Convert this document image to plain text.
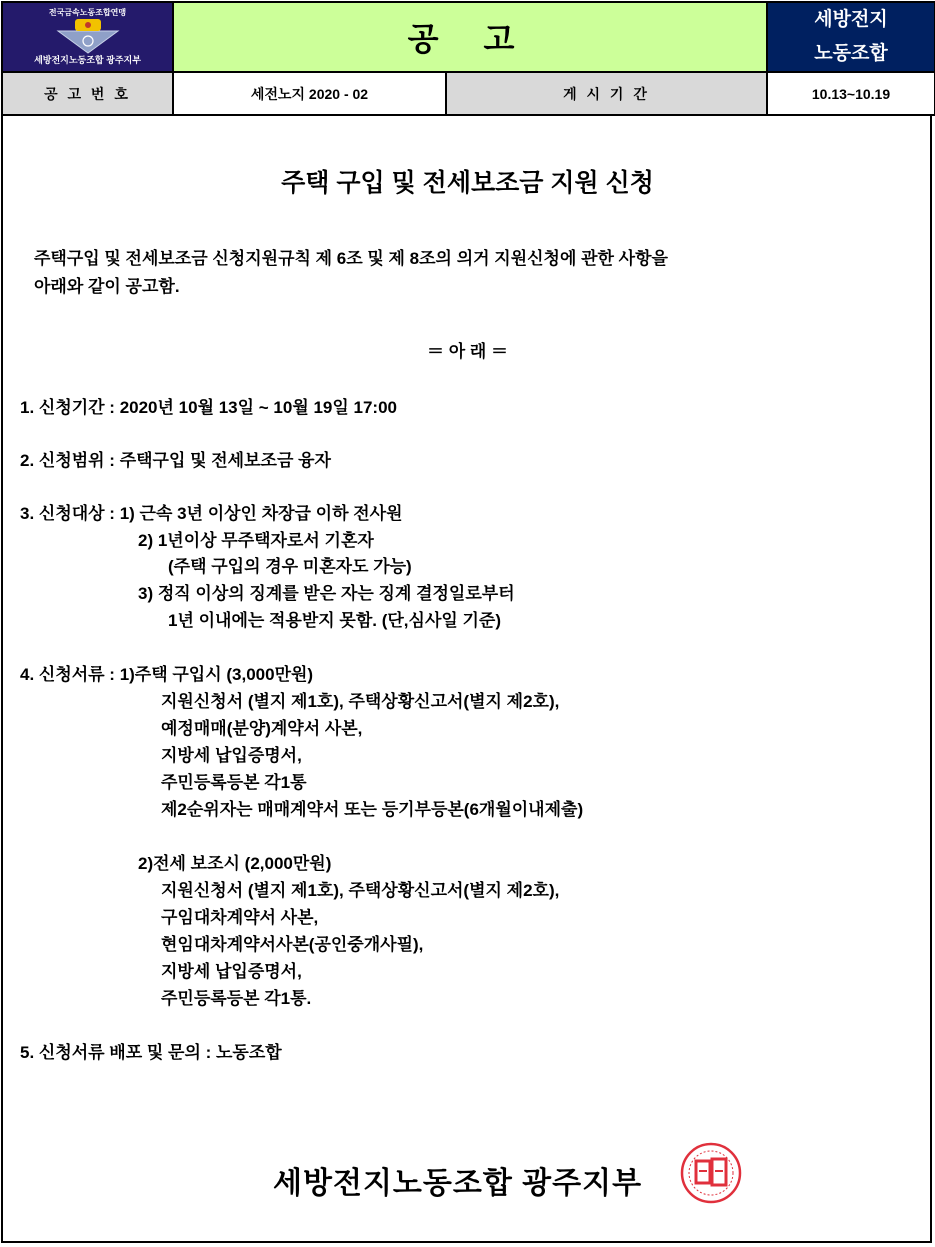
전국금속노동조합연맹
세방전지노동조합 광주지부
	공 고	
세방전지
노동조합

공 고 번 호	세전노지 2020 - 02	게 시 기 간	10.13~10.19
주택 구입 및 전세보조금 지원 신청
주택구입 및 전세보조금 신청지원규칙 제 6조 및 제 8조의 의거 지원신청에 관한 사항을
아래와 같이 공고함.
＝ 아 래 ＝
1. 신청기간 : 2020년 10월 13일 ~ 10월 19일 17:00
2. 신청범위 : 주택구입 및 전세보조금 융자
3. 신청대상 : 1) 근속 3년 이상인 차장급 이하 전사원
2) 1년이상 무주택자로서 기혼자
(주택 구입의 경우 미혼자도 가능)
3) 정직 이상의 징계를 받은 자는 징계 결정일로부터
1년 이내에는 적용받지 못함. (단,심사일 기준)
4. 신청서류 : 1)주택 구입시 (3,000만원)
지원신청서 (별지 제1호), 주택상황신고서(별지 제2호),
예정매매(분양)계약서 사본,
지방세 납입증명서,
주민등록등본 각1통
제2순위자는 매매계약서 또는 등기부등본(6개월이내제출)
2)전세 보조시 (2,000만원)
지원신청서 (별지 제1호), 주택상황신고서(별지 제2호),
구임대차계약서 사본,
현임대차계약서사본(공인중개사필),
지방세 납입증명서,
주민등록등본 각1통.
5. 신청서류 배포 및 문의 : 노동조합
세방전지노동조합 광주지부
